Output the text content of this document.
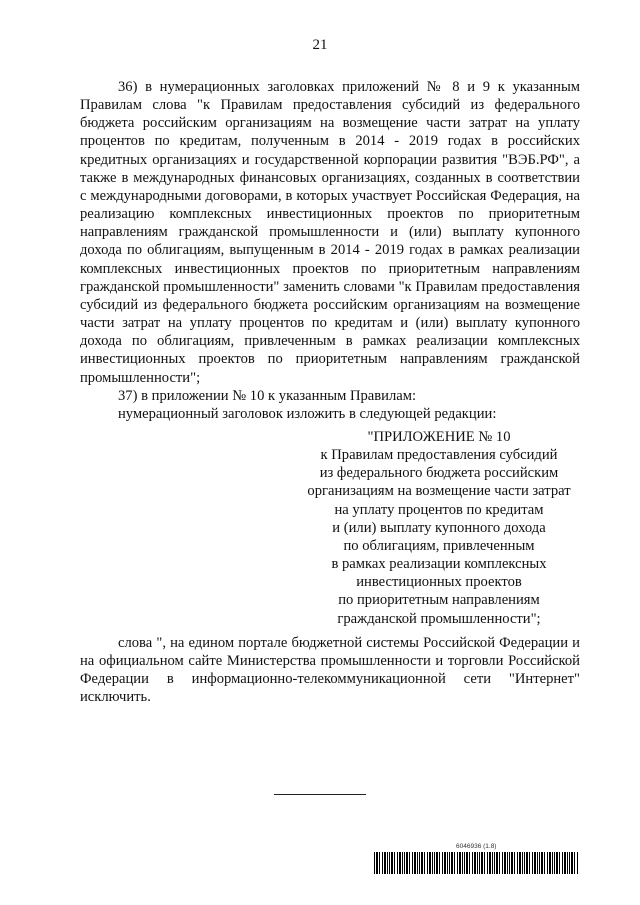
21

36) в нумерационных заголовках приложений № 8 и 9 к указанным Правилам слова "к Правилам предоставления субсидий из федерального бюджета российским организациям на возмещение части затрат на уплату процентов по кредитам, полученным в 2014 - 2019 годах в российских кредитных организациях и государственной корпорации развития "ВЭБ.РФ", а также в международных финансовых организациях, созданных в соответствии с международными договорами, в которых участвует Российская Федерация, на реализацию комплексных инвестиционных проектов по приоритетным направлениям гражданской промышленности и (или) выплату купонного дохода по облигациям, выпущенным в 2014 - 2019 годах в рамках реализации комплексных инвестиционных проектов по приоритетным направлениям гражданской промышленности" заменить словами "к Правилам предоставления субсидий из федерального бюджета российским организациям на возмещение части затрат на уплату процентов по кредитам и (или) выплату купонного дохода по облигациям, привлеченным в рамках реализации комплексных инвестиционных проектов по приоритетным направлениям гражданской промышленности";

37) в приложении № 10 к указанным Правилам:

нумерационный заголовок изложить в следующей редакции:

"ПРИЛОЖЕНИЕ № 10
к Правилам предоставления субсидий
из федерального бюджета российским
организациям на возмещение части затрат
на уплату процентов по кредитам
и (или) выплату купонного дохода
по облигациям, привлеченным
в рамках реализации комплексных
инвестиционных проектов
по приоритетным направлениям
гражданской промышленности";

слова ", на едином портале бюджетной системы Российской Федерации и на официальном сайте Министерства промышленности и торговли Российской Федерации в информационно-телекоммуникационной сети "Интернет" исключить.

6046936 (1.8)
